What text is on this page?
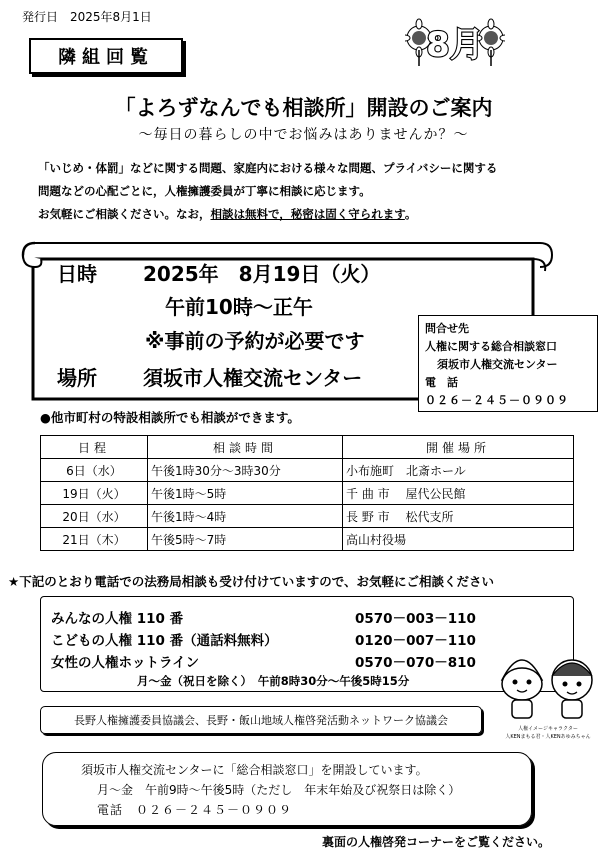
発行日　2025年8月1日
隣組回覧	8月
「よろずなんでも相談所」開設のご案内
～毎日の暮らしの中でお悩みはありませんか？～
「いじめ・体罰」などに関する問題、家庭内における様々な問題、プライバシーに関する
問題などの心配ごとに，人権擁護委員が丁寧に相談に応じます。
お気軽にご相談ください。なお，相談は無料で，秘密は固く守られます。
日時 2025年　8月19日（火）
午前10時～正午
※事前の予約が必要です
場所 須坂市人権交流センター
問合せ先
人権に関する総合相談窓口
須坂市人権交流センター
電　話
０２６－２４５－０９０９
●他市町村の特設相談所でも相談ができます。
日程	相談時間	開催場所
6日（水）	午後1時30分～3時30分	小布施町　北斎ホール
19日（火）	午後1時～5時	千 曲 市　 屋代公民館
20日（水）	午後1時～4時	長 野 市　 松代支所
21日（木）	午後5時～7時	高山村役場
★下記のとおり電話での法務局相談も受け付けていますので、お気軽にご相談ください
みんなの人権 110 番	0570－003－110
こどもの人権 110 番（通話料無料）	0120－007－110
女性の人権ホットライン	0570－070－810
月～金（祝日を除く）　午前8時30分～午後5時15分
人権イメージキャラクター
人KENまもる君・人KENあゆみちゃん
長野人権擁護委員協議会、長野・飯山地域人権啓発活動ネットワーク協議会
須坂市人権交流センターに「総合相談窓口」を開設しています。
月～金　午前9時～午後5時（ただし　年末年始及び祝祭日は除く）
電話　０２６－２４５－０９０９
裏面の人権啓発コーナーをご覧ください。
